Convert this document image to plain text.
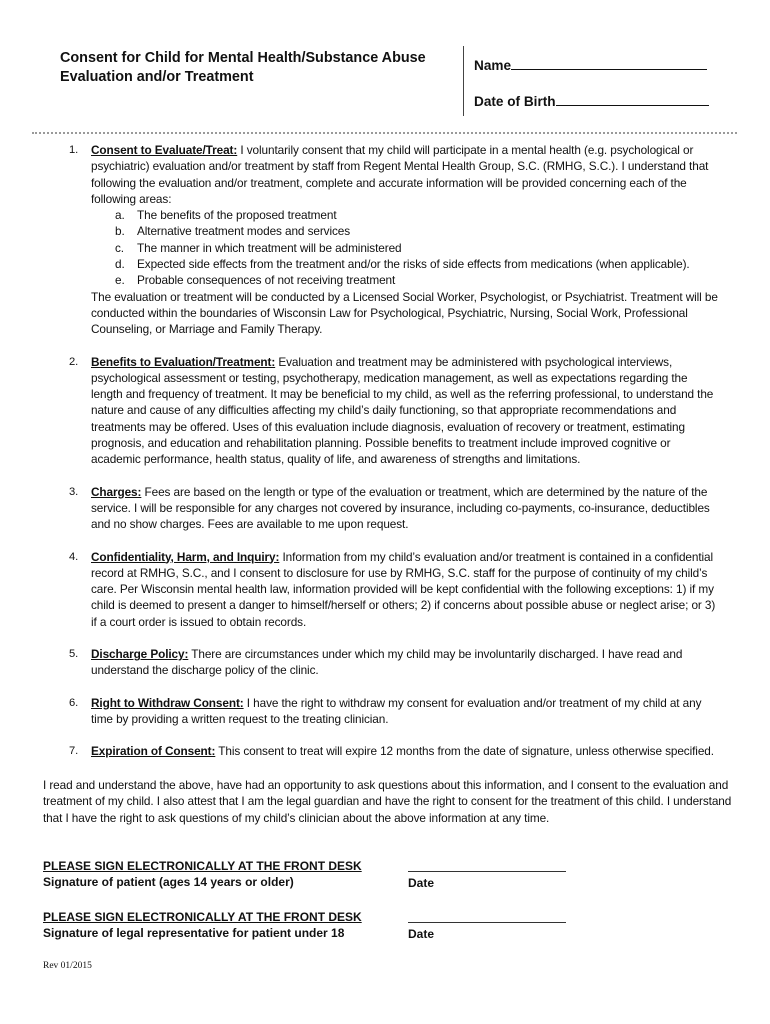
Consent for Child for Mental Health/Substance Abuse Evaluation and/or Treatment
Name
Date of Birth
1. Consent to Evaluate/Treat: I voluntarily consent that my child will participate in a mental health (e.g. psychological or psychiatric) evaluation and/or treatment by staff from Regent Mental Health Group, S.C. (RMHG, S.C.). I understand that following the evaluation and/or treatment, complete and accurate information will be provided concerning each of the following areas:
a. The benefits of the proposed treatment
b. Alternative treatment modes and services
c. The manner in which treatment will be administered
d. Expected side effects from the treatment and/or the risks of side effects from medications (when applicable).
e. Probable consequences of not receiving treatment
The evaluation or treatment will be conducted by a Licensed Social Worker, Psychologist, or Psychiatrist. Treatment will be conducted within the boundaries of Wisconsin Law for Psychological, Psychiatric, Nursing, Social Work, Professional Counseling, or Marriage and Family Therapy.
2. Benefits to Evaluation/Treatment: Evaluation and treatment may be administered with psychological interviews, psychological assessment or testing, psychotherapy, medication management, as well as expectations regarding the length and frequency of treatment. It may be beneficial to my child, as well as the referring professional, to understand the nature and cause of any difficulties affecting my child’s daily functioning, so that appropriate recommendations and treatments may be offered. Uses of this evaluation include diagnosis, evaluation of recovery or treatment, estimating prognosis, and education and rehabilitation planning. Possible benefits to treatment include improved cognitive or academic performance, health status, quality of life, and awareness of strengths and limitations.
3. Charges: Fees are based on the length or type of the evaluation or treatment, which are determined by the nature of the service. I will be responsible for any charges not covered by insurance, including co-payments, co-insurance, deductibles and no show charges. Fees are available to me upon request.
4. Confidentiality, Harm, and Inquiry: Information from my child’s evaluation and/or treatment is contained in a confidential record at RMHG, S.C., and I consent to disclosure for use by RMHG, S.C. staff for the purpose of continuity of my child’s care. Per Wisconsin mental health law, information provided will be kept confidential with the following exceptions: 1) if my child is deemed to present a danger to himself/herself or others; 2) if concerns about possible abuse or neglect arise; or 3) if a court order is issued to obtain records.
5. Discharge Policy: There are circumstances under which my child may be involuntarily discharged. I have read and understand the discharge policy of the clinic.
6. Right to Withdraw Consent: I have the right to withdraw my consent for evaluation and/or treatment of my child at any time by providing a written request to the treating clinician.
7. Expiration of Consent: This consent to treat will expire 12 months from the date of signature, unless otherwise specified.

I read and understand the above, have had an opportunity to ask questions about this information, and I consent to the evaluation and treatment of my child. I also attest that I am the legal guardian and have the right to consent for the treatment of this child. I understand that I have the right to ask questions of my child’s clinician about the above information at any time.

PLEASE SIGN ELECTRONICALLY AT THE FRONT DESK
Signature of patient (ages 14 years or older)	Date
PLEASE SIGN ELECTRONICALLY AT THE FRONT DESK
Signature of legal representative for patient under 18	Date
Rev 01/2015
